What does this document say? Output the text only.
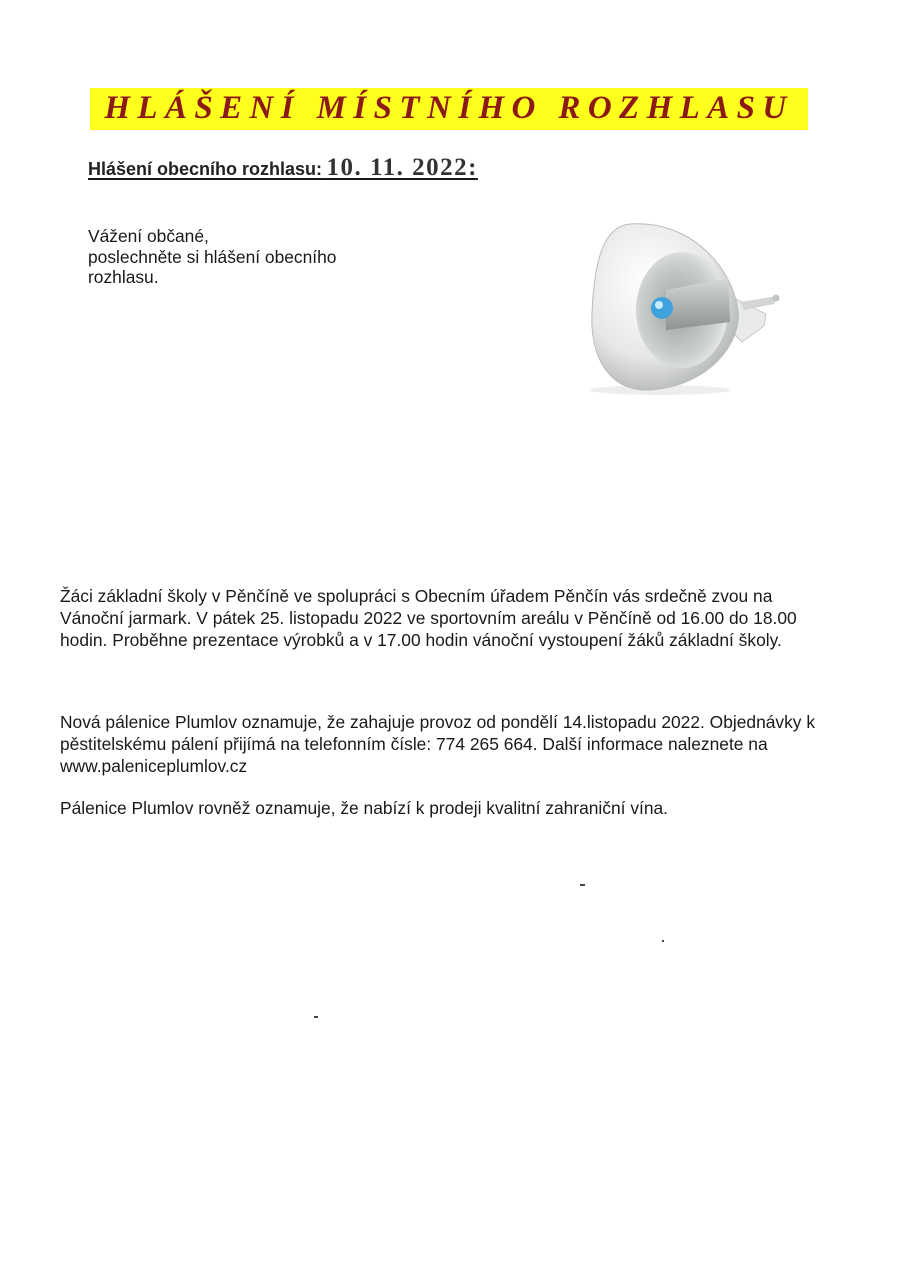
HLÁŠENÍ MÍSTNÍHO ROZHLASU
Hlášení obecního rozhlasu: 10. 11. 2022:
Vážení občané,
poslechněte si hlášení obecního
rozhlasu.
Žáci základní školy v Pěnčíně ve spolupráci s Obecním úřadem Pěnčín vás srdečně zvou na Vánoční jarmark. V pátek 25. listopadu 2022 ve sportovním areálu v Pěnčíně od 16.00 do 18.00 hodin. Proběhne prezentace výrobků a v 17.00 hodin vánoční vystoupení žáků základní školy.
Nová pálenice Plumlov oznamuje, že zahajuje provoz od pondělí 14.listopadu 2022. Objednávky k pěstitelskému pálení přijímá na telefonním čísle: 774 265 664. Další informace naleznete na www.paleniceplumlov.cz
Pálenice Plumlov rovněž oznamuje, že nabízí k prodeji kvalitní zahraniční vína.
